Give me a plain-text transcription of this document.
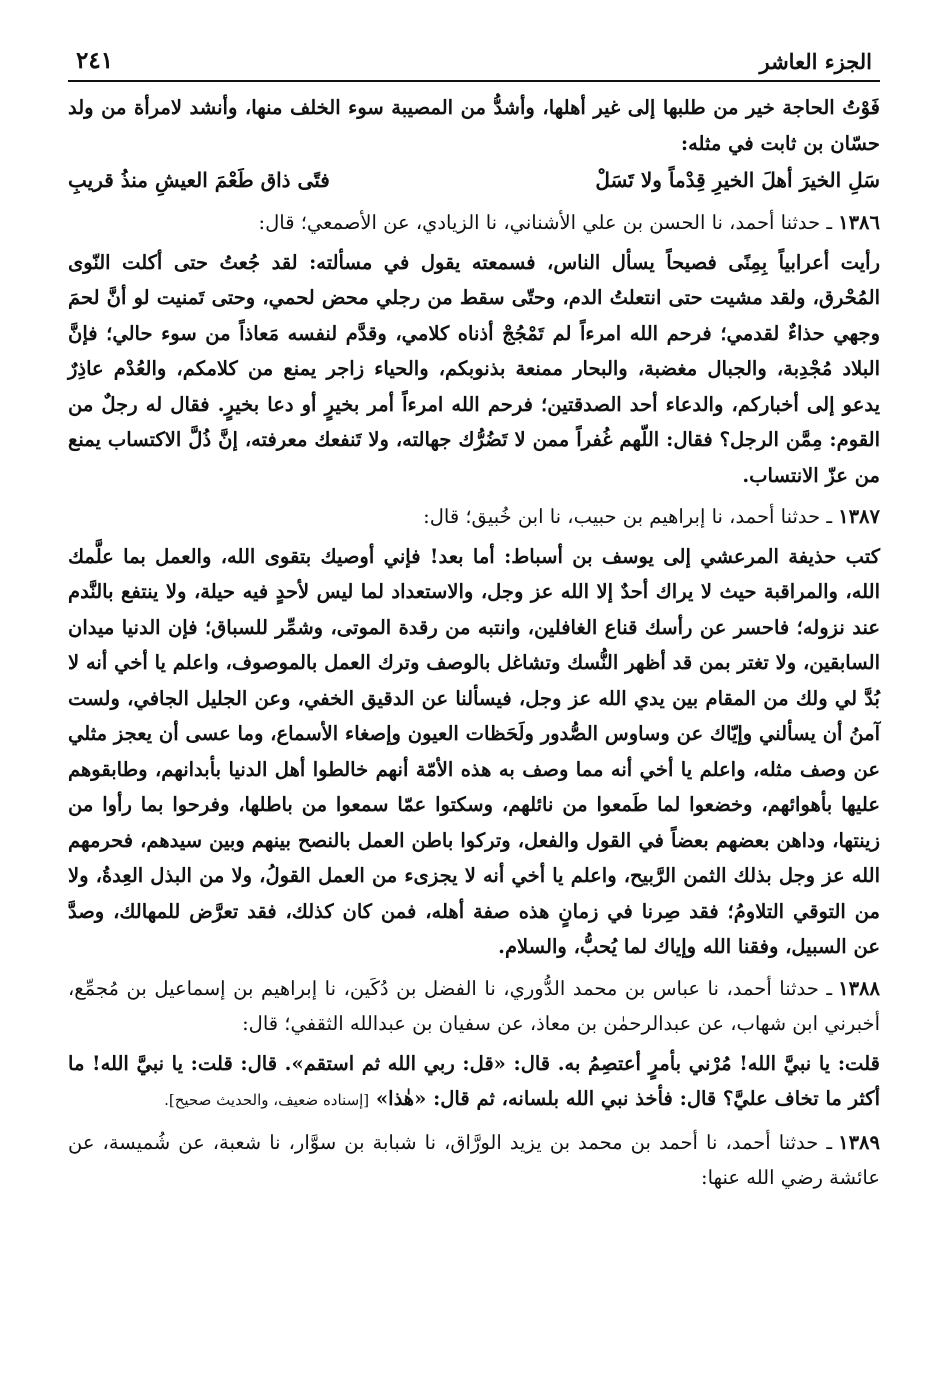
٢٤١	الجزء العاشر

فَوْتُ الحاجة خير من طلبها إلى غير أهلها، وأشدُّ من المصيبة سوء الخلف منها، وأنشد لامرأة من ولد حسّان بن ثابت في مثله:

سَلِ الخيرَ أهلَ الخيرِ قِدْماً ولا تَسَلْ
فتًى ذاق طَعْمَ العيشِ منذُ قريبِ

١٣٨٦ـ حدثنا أحمد، نا الحسن بن علي الأشناني، نا الزيادي، عن الأصمعي؛ قال:

رأيت أعرابياً بِمِنًى فصيحاً يسأل الناس، فسمعته يقول في مسألته: لقد جُعتُ حتى أكلت النّوى المُحْرق، ولقد مشيت حتى انتعلتُ الدم، وحتّى سقط من رجلي محض لحمي، وحتى تَمنيت لو أنَّ لحمَ وجهي حذاءٌ لقدمي؛ فرحم الله امرءاً لم تَمْجُجْ أذناه كلامي، وقدَّم لنفسه مَعاذاً من سوء حالي؛ فإنَّ البلاد مُجْدِبة، والجبال مغضبة، والبحار ممنعة بذنوبكم، والحياء زاجر يمنع من كلامكم، والعُدْم عاذِرٌ يدعو إلى أخباركم، والدعاء أحد الصدقتين؛ فرحم الله امرءاً أمر بخيرٍ أو دعا بخيرٍ. فقال له رجلٌ من القوم: مِمَّن الرجل؟ فقال: اللّهم غُفراً ممن لا تَضُرُّك جهالته، ولا تَنفعك معرفته، إنَّ ذُلَّ الاكتساب يمنع من عزّ الانتساب.

١٣٨٧ـ حدثنا أحمد، نا إبراهيم بن حبيب، نا ابن خُبيق؛ قال:

كتب حذيفة المرعشي إلى يوسف بن أسباط: أما بعد! فإني أوصيك بتقوى الله، والعمل بما علَّمك الله، والمراقبة حيث لا يراك أحدٌ إلا الله عز وجل، والاستعداد لما ليس لأحدٍ فيه حيلة، ولا ينتفع بالنَّدم عند نزوله؛ فاحسر عن رأسك قناع الغافلين، وانتبه من رقدة الموتى، وشمِّر للسباق؛ فإن الدنيا ميدان السابقين، ولا تغتر بمن قد أظهر النُّسك وتشاغل بالوصف وترك العمل بالموصوف، واعلم يا أخي أنه لا بُدَّ لي ولك من المقام بين يدي الله عز وجل، فيسألنا عن الدقيق الخفي، وعن الجليل الجافي، ولست آمنُ أن يسألني وإيّاك عن وساوس الصُّدور ولَحَظات العيون وإصغاء الأسماع، وما عسى أن يعجز مثلي عن وصف مثله، واعلم يا أخي أنه مما وصف به هذه الأمّة أنهم خالطوا أهل الدنيا بأبدانهم، وطابقوهم عليها بأهوائهم، وخضعوا لما طَمعوا من نائلهم، وسكتوا عمّا سمعوا من باطلها، وفرحوا بما رأوا من زينتها، وداهن بعضهم بعضاً في القول والفعل، وتركوا باطن العمل بالنصح بينهم وبين سيدهم، فحرمهم الله عز وجل بذلك الثمن الرَّبيح، واعلم يا أخي أنه لا يجزىء من العمل القولُ، ولا من البذل العِدةُ، ولا من التوقي التلاومُ؛ فقد صِرنا في زمانٍ هذه صفة أهله، فمن كان كذلك، فقد تعرَّض للمهالك، وصدَّ عن السبيل، وفقنا الله وإياك لما يُحبُّ، والسلام.

١٣٨٨ـ حدثنا أحمد، نا عباس بن محمد الدُّوري، نا الفضل بن دُكَين، نا إبراهيم بن إسماعيل بن مُجمِّع، أخبرني ابن شهاب، عن عبدالرحمٰن بن معاذ، عن سفيان بن عبدالله الثقفي؛ قال:

قلت: يا نبيَّ الله! مُرْني بأمرٍ أعتصِمُ به. قال: «قل: ربي الله ثم استقم». قال: قلت: يا نبيَّ الله! ما أكثر ما تخاف عليَّ؟ قال: فأخذ نبي الله بلسانه، ثم قال: «هٰذا» [إسناده ضعيف، والحديث صحيح].

١٣٨٩ـ حدثنا أحمد، نا أحمد بن محمد بن يزيد الورَّاق، نا شبابة بن سوَّار، نا شعبة، عن شُميسة، عن عائشة رضي الله عنها:
